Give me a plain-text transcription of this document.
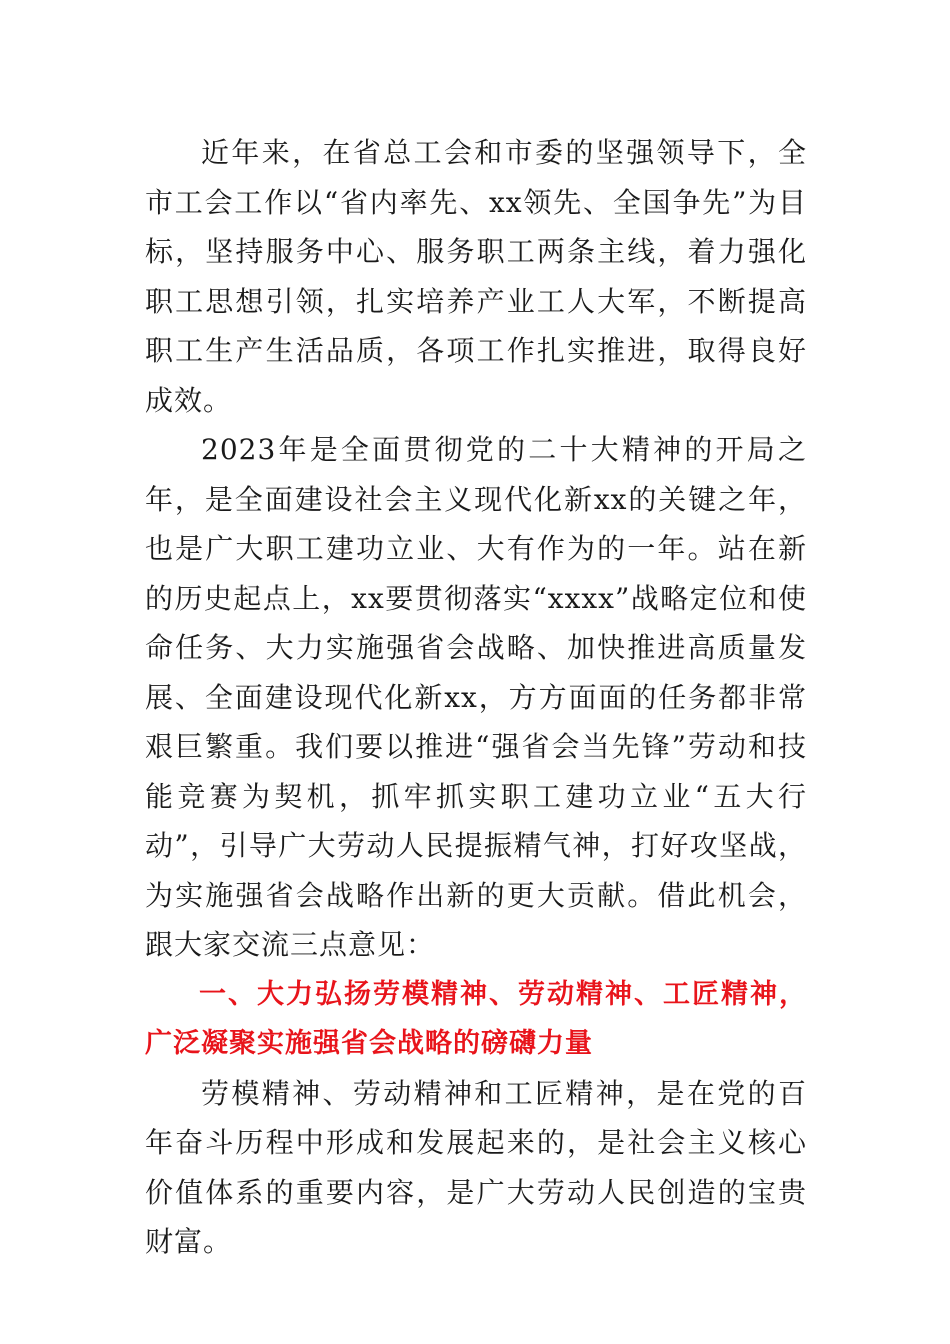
近年来，在省总工会和市委的坚强领导下，全市工会工作以“省内率先、xx领先、全国争先”为目标，坚持服务中心、服务职工两条主线，着力强化职工思想引领，扎实培养产业工人大军，不断提高职工生产生活品质，各项工作扎实推进，取得良好成效。

2023年是全面贯彻党的二十大精神的开局之年，是全面建设社会主义现代化新xx的关键之年，也是广大职工建功立业、大有作为的一年。站在新的历史起点上，xx要贯彻落实“xxxx”战略定位和使命任务、大力实施强省会战略、加快推进高质量发展、全面建设现代化新xx，方方面面的任务都非常艰巨繁重。我们要以推进“强省会当先锋”劳动和技能竞赛为契机，抓牢抓实职工建功立业“五大行动”，引导广大劳动人民提振精气神，打好攻坚战，为实施强省会战略作出新的更大贡献。借此机会，跟大家交流三点意见：

一、大力弘扬劳模精神、劳动精神、工匠精神，广泛凝聚实施强省会战略的磅礴力量

劳模精神、劳动精神和工匠精神，是在党的百年奋斗历程中形成和发展起来的，是社会主义核心价值体系的重要内容，是广大劳动人民创造的宝贵财富。
